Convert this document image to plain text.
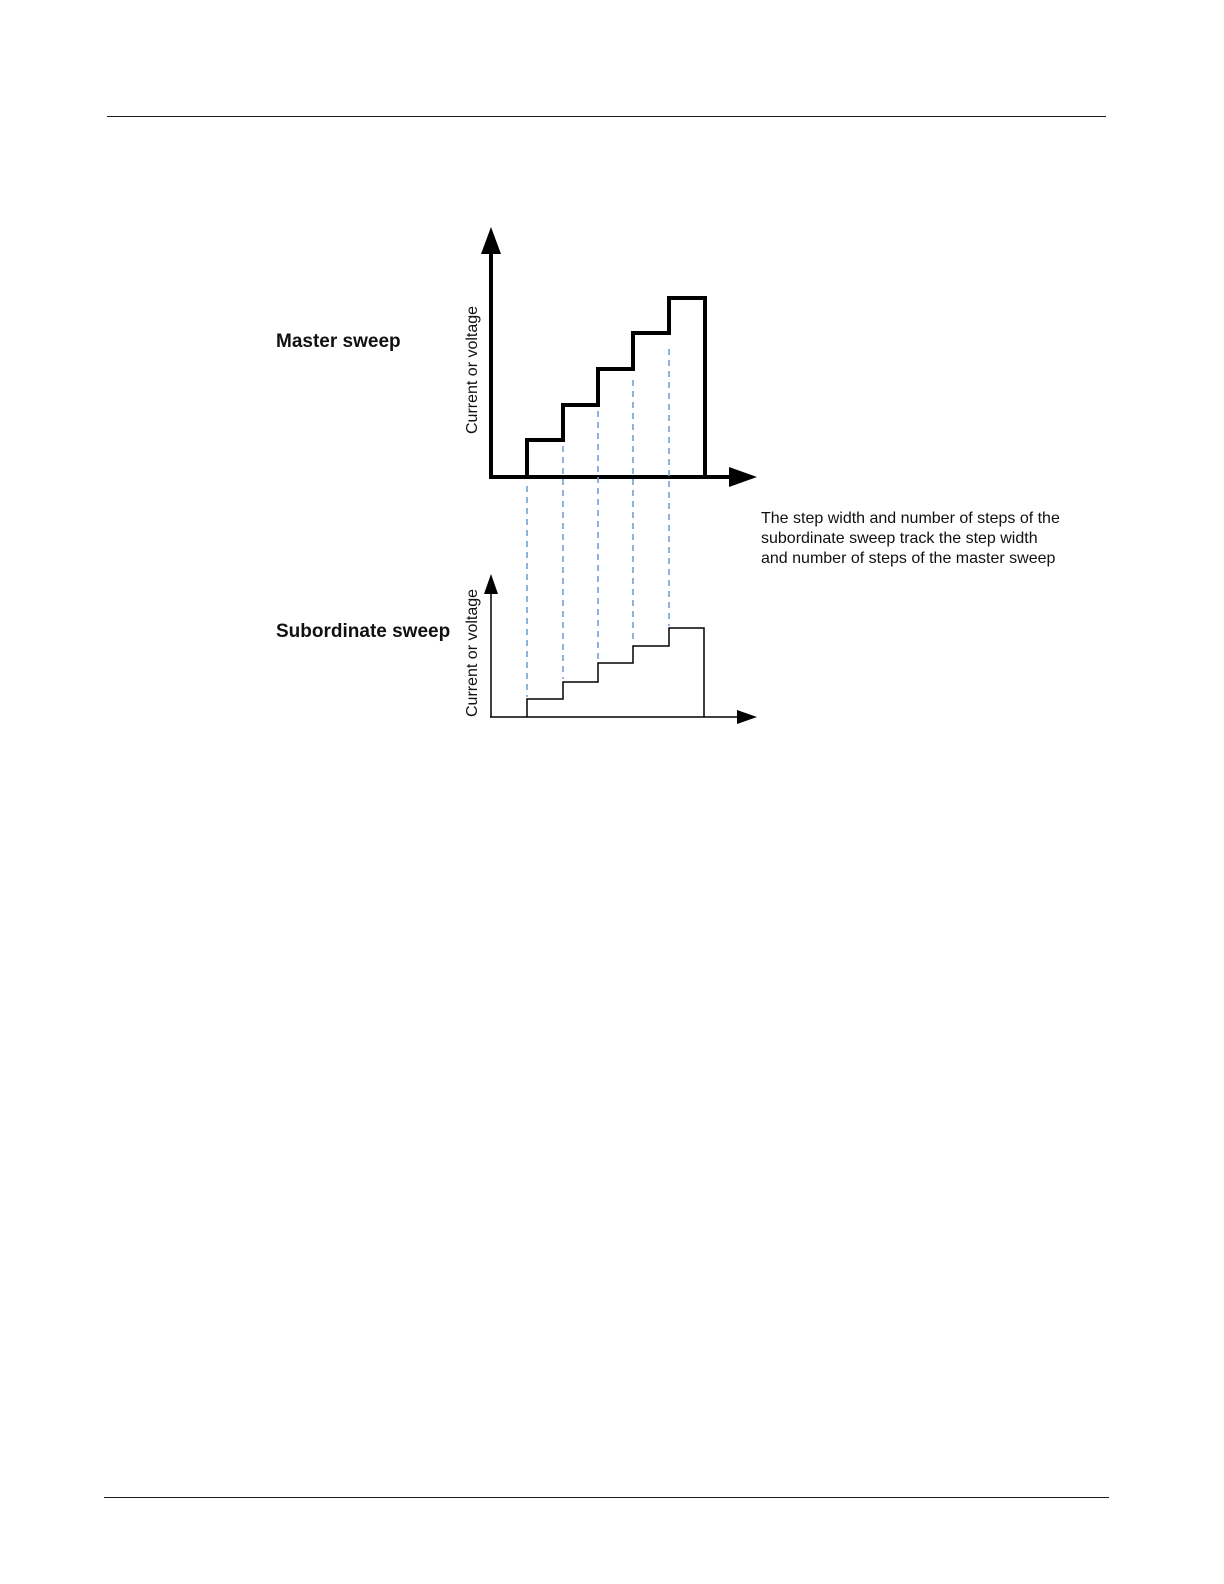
Master sweep
Subordinate sweep
Current or voltage
Current or voltage
The step width and number of steps of the subordinate sweep track the step width and number of steps of the master sweep
